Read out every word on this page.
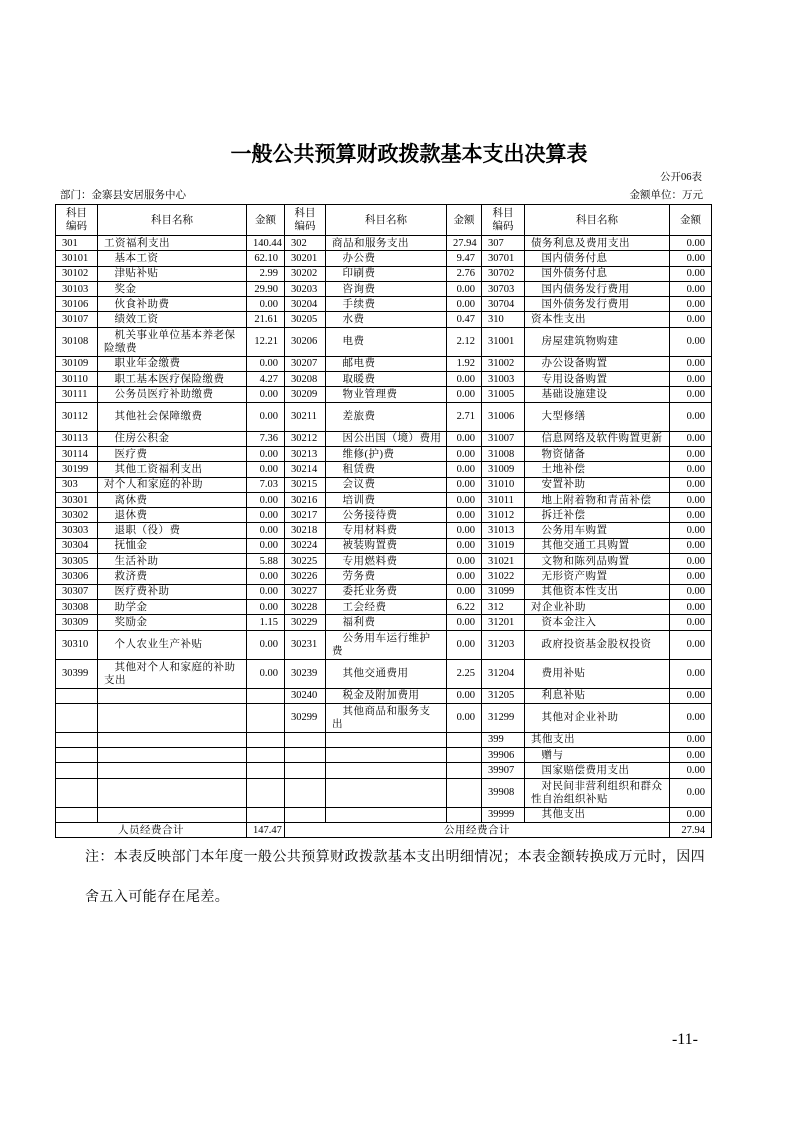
一般公共预算财政拨款基本支出决算表
公开06表
部门：金寨县安居服务中心	金额单位：万元
科目编码	科目名称	金额	科目编码	科目名称	金额	科目编码	科目名称	金额
301	工资福利支出	140.44	302	商品和服务支出	27.94	307	债务利息及费用支出	0.00
30101	基本工资	62.10	30201	办公费	9.47	30701	国内债务付息	0.00
30102	津贴补贴	2.99	30202	印刷费	2.76	30702	国外债务付息	0.00
30103	奖金	29.90	30203	咨询费	0.00	30703	国内债务发行费用	0.00
30106	伙食补助费	0.00	30204	手续费	0.00	30704	国外债务发行费用	0.00
30107	绩效工资	21.61	30205	水费	0.47	310	资本性支出	0.00
30108	机关事业单位基本养老保险缴费	12.21	30206	电费	2.12	31001	房屋建筑物购建	0.00
30109	职业年金缴费	0.00	30207	邮电费	1.92	31002	办公设备购置	0.00
30110	职工基本医疗保险缴费	4.27	30208	取暖费	0.00	31003	专用设备购置	0.00
30111	公务员医疗补助缴费	0.00	30209	物业管理费	0.00	31005	基础设施建设	0.00
30112	其他社会保障缴费	0.00	30211	差旅费	2.71	31006	大型修缮	0.00
30113	住房公积金	7.36	30212	因公出国（境）费用	0.00	31007	信息网络及软件购置更新	0.00
30114	医疗费	0.00	30213	维修(护)费	0.00	31008	物资储备	0.00
30199	其他工资福利支出	0.00	30214	租赁费	0.00	31009	土地补偿	0.00
303	对个人和家庭的补助	7.03	30215	会议费	0.00	31010	安置补助	0.00
30301	离休费	0.00	30216	培训费	0.00	31011	地上附着物和青苗补偿	0.00
30302	退休费	0.00	30217	公务接待费	0.00	31012	拆迁补偿	0.00
30303	退职（役）费	0.00	30218	专用材料费	0.00	31013	公务用车购置	0.00
30304	抚恤金	0.00	30224	被装购置费	0.00	31019	其他交通工具购置	0.00
30305	生活补助	5.88	30225	专用燃料费	0.00	31021	文物和陈列品购置	0.00
30306	救济费	0.00	30226	劳务费	0.00	31022	无形资产购置	0.00
30307	医疗费补助	0.00	30227	委托业务费	0.00	31099	其他资本性支出	0.00
30308	助学金	0.00	30228	工会经费	6.22	312	对企业补助	0.00
30309	奖励金	1.15	30229	福利费	0.00	31201	资本金注入	0.00
30310	个人农业生产补贴	0.00	30231	公务用车运行维护费	0.00	31203	政府投资基金股权投资	0.00
30399	其他对个人和家庭的补助支出	0.00	30239	其他交通费用	2.25	31204	费用补贴	0.00
			30240	税金及附加费用	0.00	31205	利息补贴	0.00
			30299	其他商品和服务支出	0.00	31299	其他对企业补助	0.00
						399	其他支出	0.00
						39906	赠与	0.00
						39907	国家赔偿费用支出	0.00
						39908	对民间非营利组织和群众性自治组织补贴	0.00
						39999	其他支出	0.00
人员经费合计		147.47	公用经费合计					27.94
注：本表反映部门本年度一般公共预算财政拨款基本支出明细情况；本表金额转换成万元时，因四
舍五入可能存在尾差。
-11-
